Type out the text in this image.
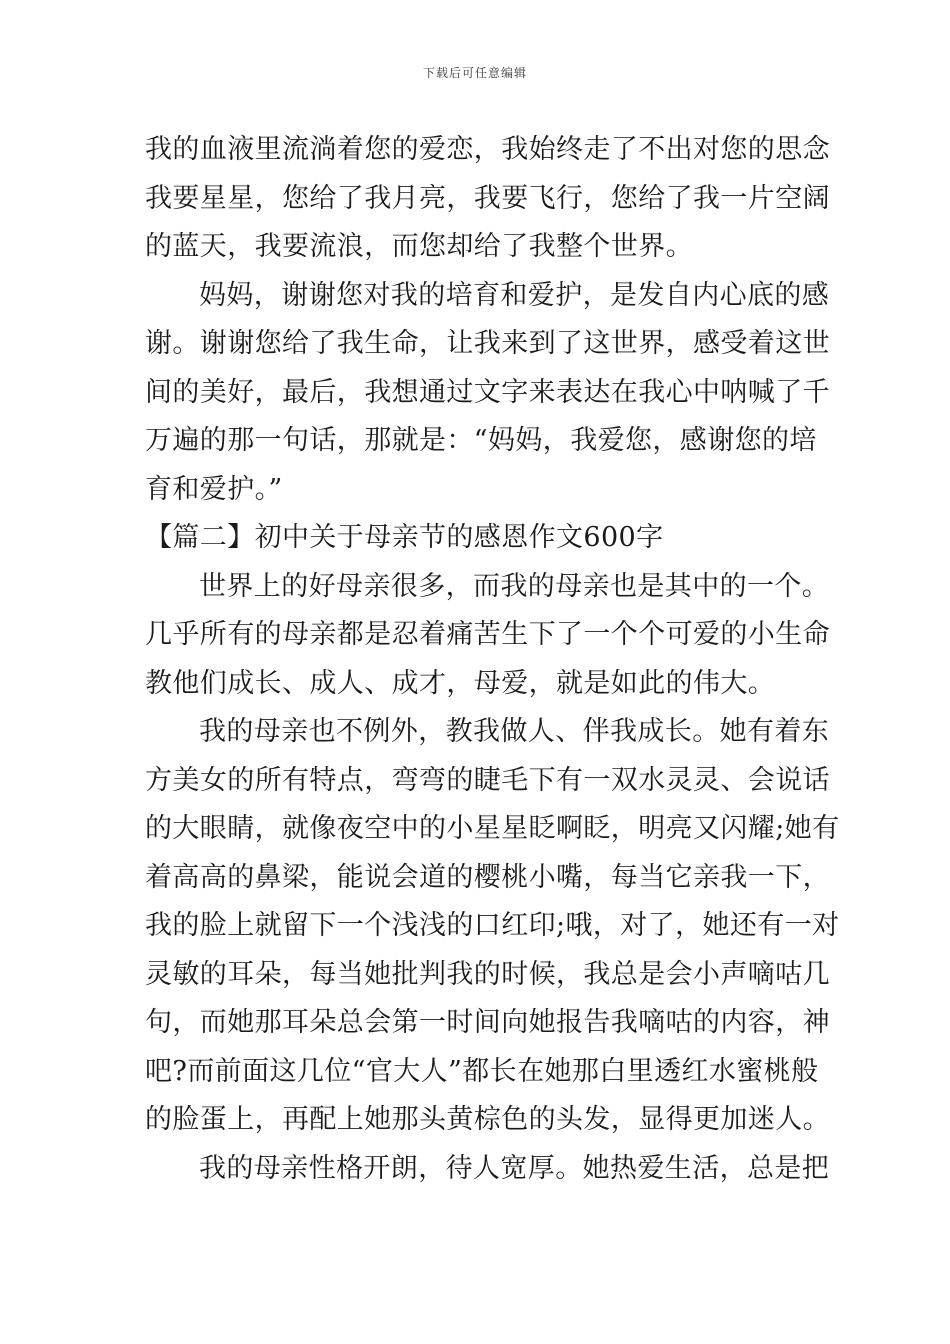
下载后可任意编辑
我的血液里流淌着您的爱恋，我始终走了不出对您的思念
我要星星，您给了我月亮，我要飞行，您给了我一片空阔
的蓝天，我要流浪，而您却给了我整个世界。
妈妈，谢谢您对我的培育和爱护，是发自内心底的感
谢。谢谢您给了我生命，让我来到了这世界，感受着这世
间的美好，最后，我想通过文字来表达在我心中呐喊了千
万遍的那一句话，那就是：“妈妈，我爱您，感谢您的培
育和爱护。”
【篇二】初中关于母亲节的感恩作文600字
世界上的好母亲很多，而我的母亲也是其中的一个。
几乎所有的母亲都是忍着痛苦生下了一个个可爱的小生命
教他们成长、成人、成才，母爱，就是如此的伟大。
我的母亲也不例外，教我做人、伴我成长。她有着东
方美女的所有特点，弯弯的睫毛下有一双水灵灵、会说话
的大眼睛，就像夜空中的小星星眨啊眨，明亮又闪耀;她有
着高高的鼻梁，能说会道的樱桃小嘴，每当它亲我一下，
我的脸上就留下一个浅浅的口红印;哦，对了，她还有一对
灵敏的耳朵，每当她批判我的时候，我总是会小声嘀咕几
句，而她那耳朵总会第一时间向她报告我嘀咕的内容，神
吧?而前面这几位“官大人”都长在她那白里透红水蜜桃般
的脸蛋上，再配上她那头黄棕色的头发，显得更加迷人。
我的母亲性格开朗，待人宽厚。她热爱生活，总是把
